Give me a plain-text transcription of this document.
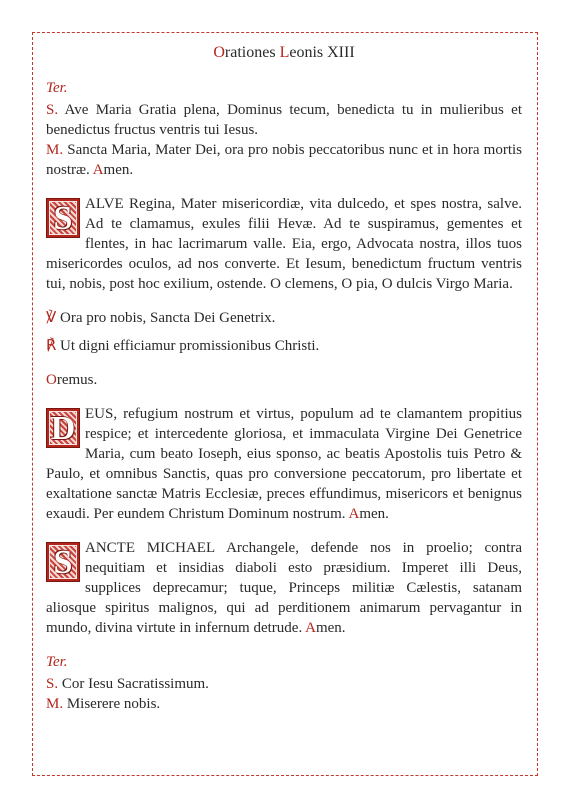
Orationes Leonis XIII
Ter.

S. Ave Maria Gratia plena, Dominus tecum, benedicta tu in mulieribus et benedictus fructus ventris tui Iesus.

M. Sancta Maria, Mater Dei, ora pro nobis peccatoribus nunc et in hora mortis nostræ. Amen.

S ALVE Regina, Mater misericordiæ, vita dulcedo, et spes nostra, salve. Ad te clamamus, exules filii Hevæ. Ad te suspiramus, gementes et flentes, in hac lacrimarum valle. Eia, ergo, Advocata nostra, illos tuos misericordes oculos, ad nos converte. Et Iesum, benedictum fructum ventris tui, nobis, post hoc exilium, ostende. O clemens, O pia, O dulcis Virgo Maria.

℣ Ora pro nobis, Sancta Dei Genetrix.

℟ Ut digni efficiamur promissionibus Christi.

Oremus.

D EUS, refugium nostrum et virtus, populum ad te clamantem propitius respice; et intercedente gloriosa, et immaculata Virgine Dei Genetrice Maria, cum beato Ioseph, eius sponso, ac beatis Apostolis tuis Petro & Paulo, et omnibus Sanctis, quas pro conversione peccatorum, pro libertate et exaltatione sanctæ Matris Ecclesiæ, preces effundimus, misericors et benignus exaudi. Per eundem Christum Dominum nostrum. Amen.

S ANCTE MICHAEL Archangele, defende nos in proelio; contra nequitiam et insidias diaboli esto præsidium. Imperet illi Deus, supplices deprecamur; tuque, Princeps militiæ Cælestis, satanam aliosque spiritus malignos, qui ad perditionem animarum pervagantur in mundo, divina virtute in infernum detrude. Amen.

Ter.

S. Cor Iesu Sacratissimum.

M. Miserere nobis.
